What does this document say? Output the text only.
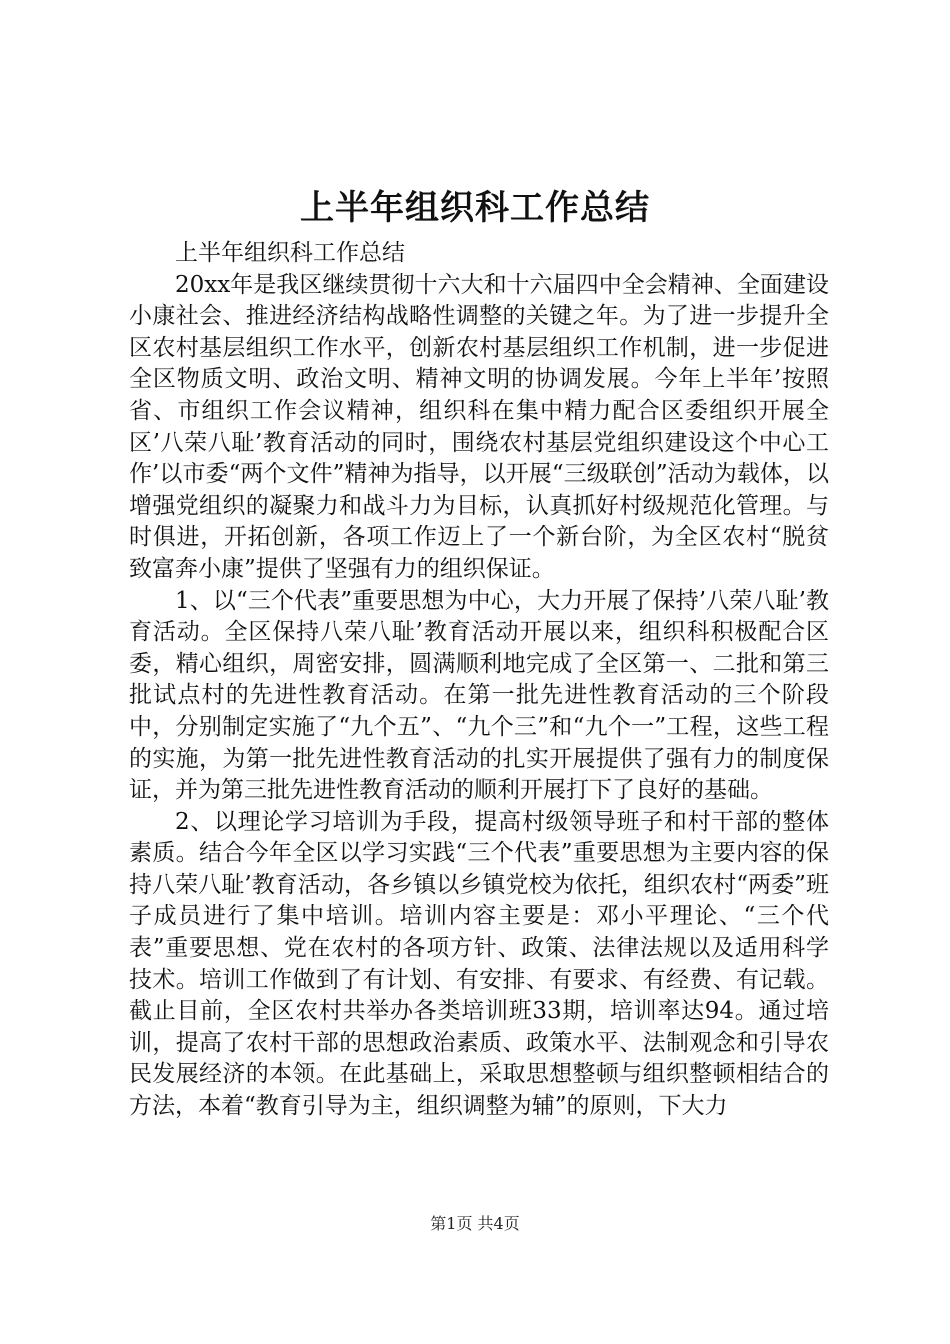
上半年组织科工作总结

上半年组织科工作总结

20xx年是我区继续贯彻十六大和十六届四中全会精神、全面建设小康社会、推进经济结构战略性调整的关键之年。为了进一步提升全区农村基层组织工作水平，创新农村基层组织工作机制，进一步促进全区物质文明、政治文明、精神文明的协调发展。今年上半年’按照省、市组织工作会议精神，组织科在集中精力配合区委组织开展全区’八荣八耻’教育活动的同时，围绕农村基层党组织建设这个中心工作’以市委“两个文件”精神为指导，以开展“三级联创”活动为载体，以增强党组织的凝聚力和战斗力为目标，认真抓好村级规范化管理。与时俱进，开拓创新，各项工作迈上了一个新台阶，为全区农村“脱贫致富奔小康”提供了坚强有力的组织保证。

1、以“三个代表”重要思想为中心，大力开展了保持’八荣八耻’教育活动。全区保持八荣八耻’教育活动开展以来，组织科积极配合区委，精心组织，周密安排，圆满顺利地完成了全区第一、二批和第三批试点村的先进性教育活动。在第一批先进性教育活动的三个阶段中，分别制定实施了“九个五”、“九个三”和“九个一”工程，这些工程的实施，为第一批先进性教育活动的扎实开展提供了强有力的制度保证，并为第三批先进性教育活动的顺利开展打下了良好的基础。

2、以理论学习培训为手段，提高村级领导班子和村干部的整体素质。结合今年全区以学习实践“三个代表”重要思想为主要内容的保持八荣八耻’教育活动，各乡镇以乡镇党校为依托，组织农村“两委”班子成员进行了集中培训。培训内容主要是：邓小平理论、“三个代表”重要思想、党在农村的各项方针、政策、法律法规以及适用科学技术。培训工作做到了有计划、有安排、有要求、有经费、有记载。截止目前，全区农村共举办各类培训班33期，培训率达94。通过培训，提高了农村干部的思想政治素质、政策水平、法制观念和引导农民发展经济的本领。在此基础上，采取思想整顿与组织整顿相结合的方法，本着“教育引导为主，组织调整为辅”的原则，下大力

第1页 共4页
